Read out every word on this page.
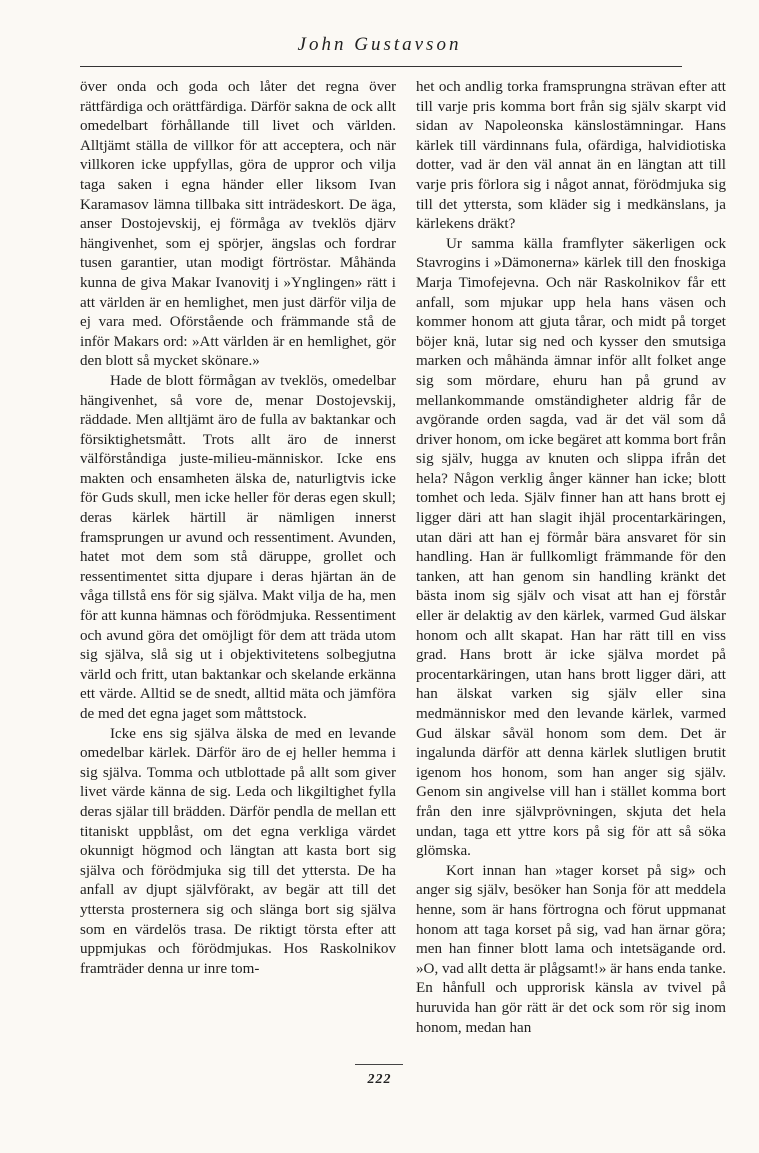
John Gustavson

över onda och goda och låter det regna över rättfärdiga och orättfärdiga. Därför sakna de ock allt omedelbart förhållande till livet och världen. Alltjämt ställa de villkor för att acceptera, och när villkoren icke uppfyllas, göra de uppror och vilja taga saken i egna händer eller liksom Ivan Karamasov lämna tillbaka sitt inträdeskort. De äga, anser Dostojevskij, ej förmåga av tveklös djärv hängivenhet, som ej spörjer, ängslas och fordrar tusen garantier, utan modigt förtröstar. Måhända kunna de giva Makar Ivanovitj i »Ynglingen» rätt i att världen är en hemlighet, men just därför vilja de ej vara med. Oförstående och främmande stå de inför Makars ord: »Att världen är en hemlighet, gör den blott så mycket skönare.»

Hade de blott förmågan av tveklös, omedelbar hängivenhet, så vore de, menar Dostojevskij, räddade. Men alltjämt äro de fulla av baktankar och försiktighetsmått. Trots allt äro de innerst välförståndiga juste-milieu-människor. Icke ens makten och ensamheten älska de, naturligtvis icke för Guds skull, men icke heller för deras egen skull; deras kärlek härtill är nämligen innerst framsprungen ur avund och ressentiment. Avunden, hatet mot dem som stå däruppe, grollet och ressentimentet sitta djupare i deras hjärtan än de våga tillstå ens för sig själva. Makt vilja de ha, men för att kunna hämnas och förödmjuka. Ressentiment och avund göra det omöjligt för dem att träda utom sig själva, slå sig ut i objektivitetens solbegjutna värld och fritt, utan baktankar och skelande erkänna ett värde. Alltid se de snedt, alltid mäta och jämföra de med det egna jaget som måttstock.

Icke ens sig själva älska de med en levande omedelbar kärlek. Därför äro de ej heller hemma i sig själva. Tomma och utblottade på allt som giver livet värde känna de sig. Leda och likgiltighet fylla deras själar till brädden. Därför pendla de mellan ett titaniskt uppblåst, om det egna verkliga värdet okunnigt högmod och längtan att kasta bort sig själva och förödmjuka sig till det yttersta. De ha anfall av djupt självförakt, av begär att till det yttersta prosternera sig och slänga bort sig själva som en värdelös trasa. De riktigt törsta efter att uppmjukas och förödmjukas. Hos Raskolnikov framträder denna ur inre tom-

het och andlig torka framsprungna strävan efter att till varje pris komma bort från sig själv skarpt vid sidan av Napoleonska känslostämningar. Hans kärlek till värdinnans fula, ofärdiga, halvidiotiska dotter, vad är den väl annat än en längtan att till varje pris förlora sig i något annat, förödmjuka sig till det yttersta, som kläder sig i medkänslans, ja kärlekens dräkt?

Ur samma källa framflyter säkerligen ock Stavrogins i »Dämonerna» kärlek till den fnoskiga Marja Timofejevna. Och när Raskolnikov får ett anfall, som mjukar upp hela hans väsen och kommer honom att gjuta tårar, och midt på torget böjer knä, lutar sig ned och kysser den smutsiga marken och måhända ämnar inför allt folket ange sig som mördare, ehuru han på grund av mellankommande omständigheter aldrig får de avgörande orden sagda, vad är det väl som då driver honom, om icke begäret att komma bort från sig själv, hugga av knuten och slippa ifrån det hela? Någon verklig ånger känner han icke; blott tomhet och leda. Själv finner han att hans brott ej ligger däri att han slagit ihjäl procentarkäringen, utan däri att han ej förmår bära ansvaret för sin handling. Han är fullkomligt främmande för den tanken, att han genom sin handling kränkt det bästa inom sig själv och visat att han ej förstår eller är delaktig av den kärlek, varmed Gud älskar honom och allt skapat. Han har rätt till en viss grad. Hans brott är icke själva mordet på procentarkäringen, utan hans brott ligger däri, att han älskat varken sig själv eller sina medmänniskor med den levande kärlek, varmed Gud älskar såväl honom som dem. Det är ingalunda därför att denna kärlek slutligen brutit igenom hos honom, som han anger sig själv. Genom sin angivelse vill han i stället komma bort från den inre självprövningen, skjuta det hela undan, taga ett yttre kors på sig för att så söka glömska.

Kort innan han »tager korset på sig» och anger sig själv, besöker han Sonja för att meddela henne, som är hans förtrogna och förut uppmanat honom att taga korset på sig, vad han ärnar göra; men han finner blott lama och intetsägande ord. »O, vad allt detta är plågsamt!» är hans enda tanke. En hånfull och upprorisk känsla av tvivel på huruvida han gör rätt är det ock som rör sig inom honom, medan han

222
